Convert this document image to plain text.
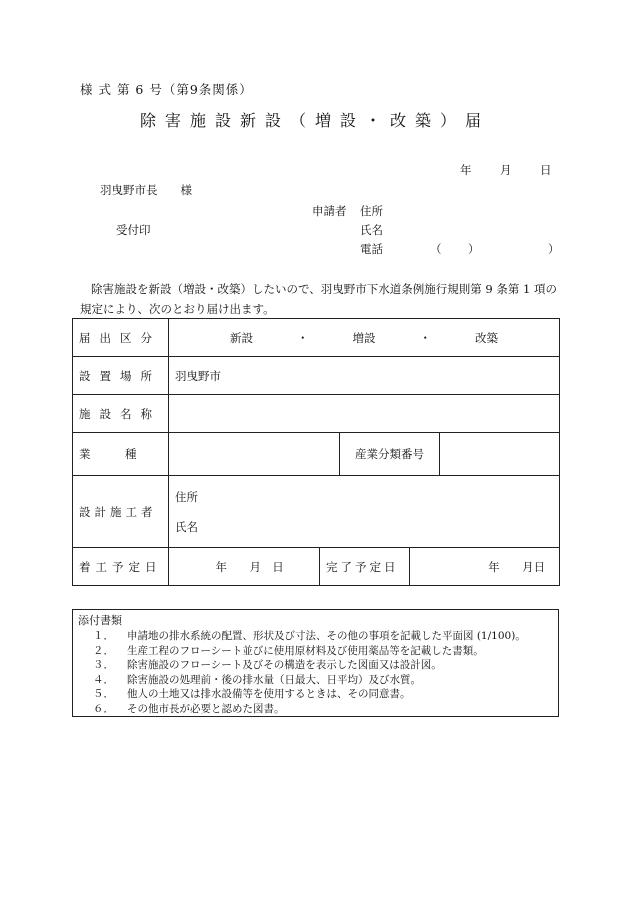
様 式 第 6 号（第9条関係）
除害施設新設（増設・改築）届
年 月 日
羽曳野市長　　様
申請者 住所
氏名
電話	（ ）	）
受付印
除害施設を新設（増設・改築）したいので、羽曳野市下水道条例施行規則第 9 条第 1 項の規定により、次のとおり届け出ます。
届出区分	新設 ・ 増設 ・ 改築				
設置場所	羽曳野市				
施設名称					
業　　　種			産業分類番号		
設計施工者	住所
氏名				

着工予定日	年 月 日	完了予定日		年 月日	
添付書類
１． 申請地の排水系統の配置、形状及び寸法、その他の事項を記載した平面図 (1/100)。
２． 生産工程のフローシート並びに使用原材料及び使用薬品等を記載した書類。
３． 除害施設のフローシート及びその構造を表示した図面又は設計図。
４． 除害施設の処理前・後の排水量（日最大、日平均）及び水質。
５． 他人の土地又は排水設備等を使用するときは、その同意書。
６． その他市長が必要と認めた図書。
